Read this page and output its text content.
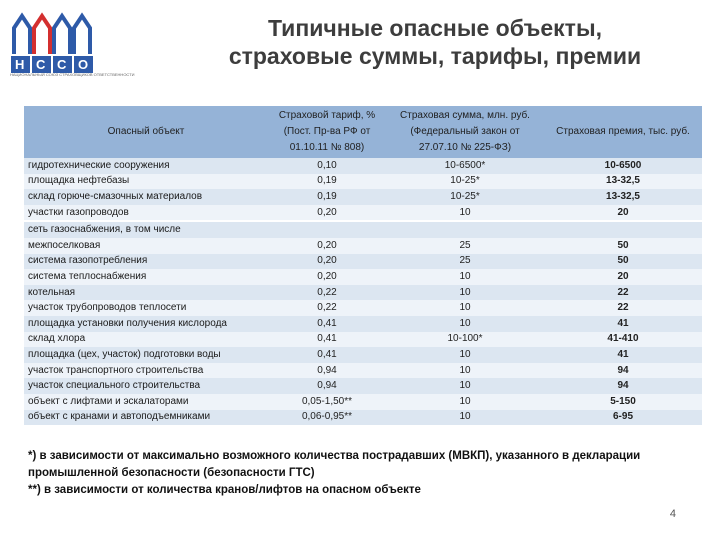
Н С С О
НАЦИОНАЛЬНЫЙ СОЮЗ СТРАХОВЩИКОВ ОТВЕТСТВЕННОСТИ
Типичные опасные объекты,
страховые суммы, тарифы, премии
Опасный объект	Страховой тариф, % (Пост. Пр-ва РФ от 01.10.11 № 808)	Страховая сумма, млн. руб. (Федеральный закон от 27.07.10 № 225-ФЗ)	Страховая премия, тыс. руб.
гидротехнические сооружения	0,10	10-6500*	10-6500
площадка нефтебазы	0,19	10-25*	13-32,5
склад горюче-смазочных материалов	0,19	10-25*	13-32,5
участки газопроводов	0,20	10	20

сеть газоснабжения, в том числе			
межпоселковая	0,20	25	50
система газопотребления	0,20	25	50
система теплоснабжения	0,20	10	20
котельная	0,22	10	22
участок трубопроводов теплосети	0,22	10	22
площадка установки получения кислорода	0,41	10	41
склад хлора	0,41	10-100*	41-410
площадка (цех, участок) подготовки воды	0,41	10	41
участок транспортного строительства	0,94	10	94
участок специального строительства	0,94	10	94
объект с лифтами и эскалаторами	0,05-1,50**	10	5-150
объект с кранами и автоподъемниками	0,06-0,95**	10	6-95
*) в зависимости от максимально возможного количества пострадавших (МВКП), указанного в декларации промышленной безопасности (безопасности ГТС)
**) в зависимости от количества кранов/лифтов на опасном объекте
4
